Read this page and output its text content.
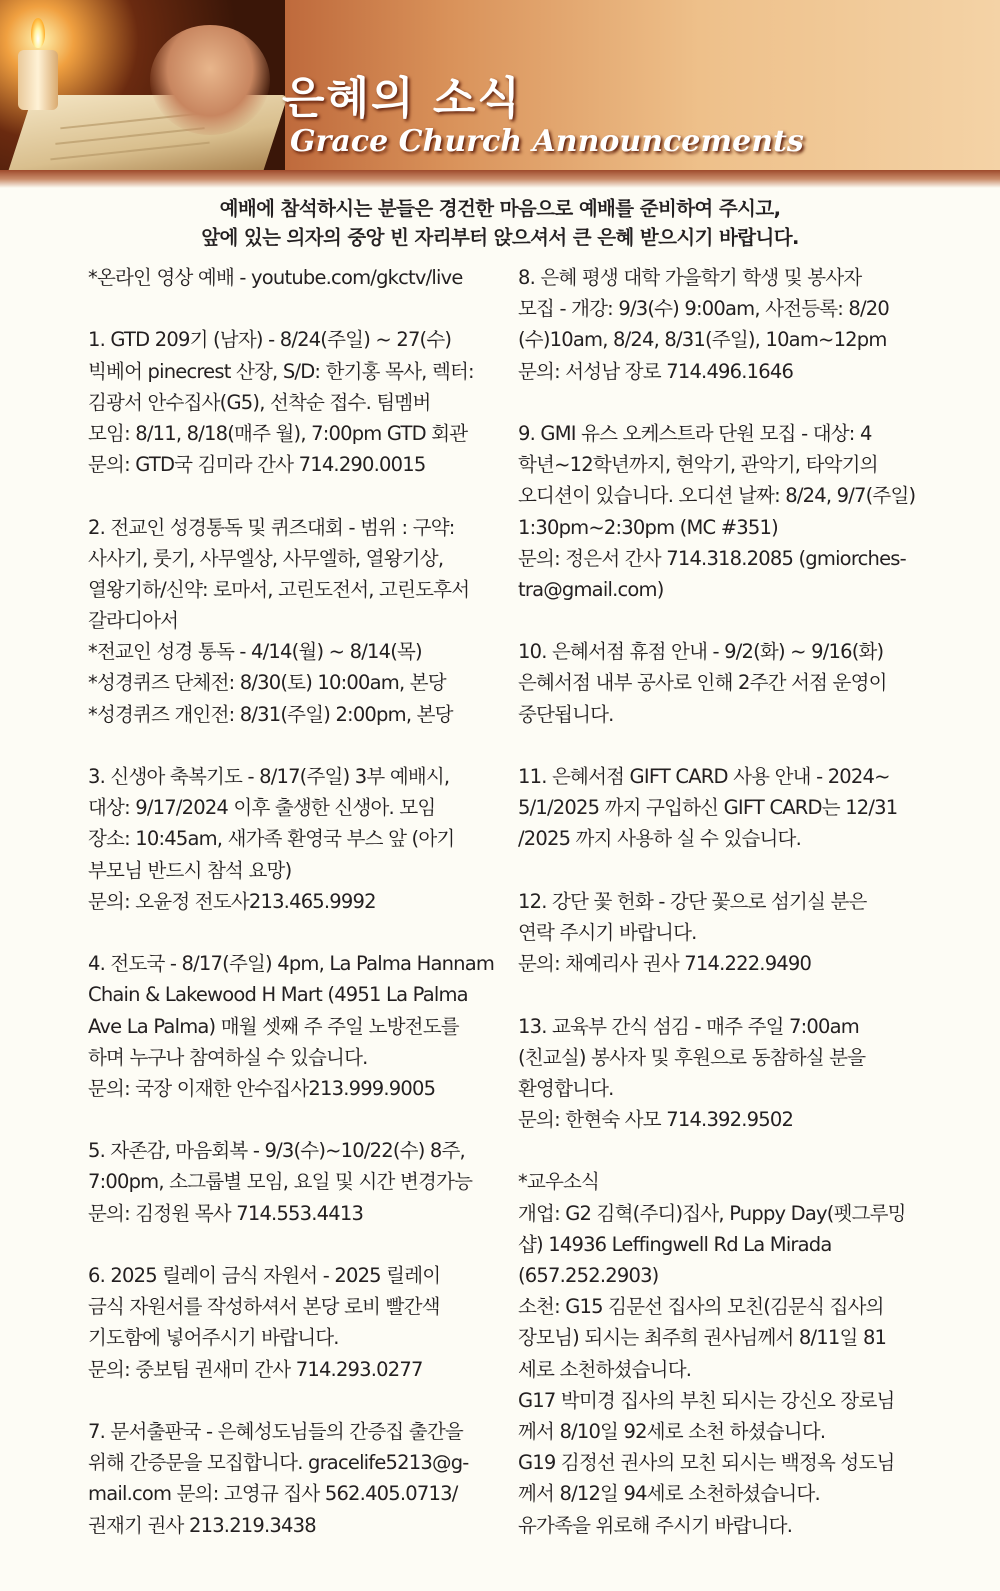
은혜의 소식
Grace Church Announcements
예배에 참석하시는 분들은 경건한 마음으로 예배를 준비하여 주시고,
앞에 있는 의자의 중앙 빈 자리부터 앉으셔서 큰 은혜 받으시기 바랍니다.
*온라인 영상 예배 - youtube.com/gkctv/live
1. GTD 209기 (남자) - 8/24(주일) ~ 27(수)
빅베어 pinecrest 산장, S/D: 한기홍 목사, 렉터:
김광서 안수집사(G5), 선착순 접수. 팀멤버
모임: 8/11, 8/18(매주 월), 7:00pm GTD 회관
문의: GTD국 김미라 간사 714.290.0015
2. 전교인 성경통독 및 퀴즈대회 - 범위 : 구약:
사사기, 룻기, 사무엘상, 사무엘하, 열왕기상,
열왕기하/신약: 로마서, 고린도전서, 고린도후서
갈라디아서
*전교인 성경 통독 - 4/14(월) ~ 8/14(목)
*성경퀴즈 단체전: 8/30(토) 10:00am, 본당
*성경퀴즈 개인전: 8/31(주일) 2:00pm, 본당
3. 신생아 축복기도 - 8/17(주일) 3부 예배시,
대상: 9/17/2024 이후 출생한 신생아. 모임
장소: 10:45am, 새가족 환영국 부스 앞 (아기
부모님 반드시 참석 요망)
문의: 오윤정 전도사213.465.9992
4. 전도국 - 8/17(주일) 4pm, La Palma Hannam
Chain & Lakewood H Mart (4951 La Palma
Ave La Palma) 매월 셋째 주 주일 노방전도를
하며 누구나 참여하실 수 있습니다.
문의: 국장 이재한 안수집사213.999.9005
5. 자존감, 마음회복 - 9/3(수)~10/22(수) 8주,
7:00pm, 소그룹별 모임, 요일 및 시간 변경가능
문의: 김정원 목사 714.553.4413
6. 2025 릴레이 금식 자원서 - 2025 릴레이
금식 자원서를 작성하셔서 본당 로비 빨간색
기도함에 넣어주시기 바랍니다.
문의: 중보팀 권새미 간사 714.293.0277
7. 문서출판국 - 은혜성도님들의 간증집 출간을
위해 간증문을 모집합니다. gracelife5213@g-
mail.com 문의: 고영규 집사 562.405.0713/
권재기 권사 213.219.3438
8. 은혜 평생 대학 가을학기 학생 및 봉사자
모집 - 개강: 9/3(수) 9:00am, 사전등록: 8/20
(수)10am, 8/24, 8/31(주일), 10am~12pm
문의: 서성남 장로 714.496.1646
9. GMI 유스 오케스트라 단원 모집 - 대상: 4
학년~12학년까지, 현악기, 관악기, 타악기의
오디션이 있습니다. 오디션 날짜: 8/24, 9/7(주일)
1:30pm~2:30pm (MC #351)
문의: 정은서 간사 714.318.2085 (gmiorches-
tra@gmail.com)
10. 은혜서점 휴점 안내 - 9/2(화) ~ 9/16(화)
은혜서점 내부 공사로 인해 2주간 서점 운영이
중단됩니다.
11. 은혜서점 GIFT CARD 사용 안내 - 2024~
5/1/2025 까지 구입하신 GIFT CARD는 12/31
/2025 까지 사용하 실 수 있습니다.
12. 강단 꽃 헌화 - 강단 꽃으로 섬기실 분은
연락 주시기 바랍니다.
문의: 채예리사 권사 714.222.9490
13. 교육부 간식 섬김 - 매주 주일 7:00am
(친교실) 봉사자 및 후원으로 동참하실 분을
환영합니다.
문의: 한현숙 사모 714.392.9502
*교우소식
개업: G2 김혁(주디)집사, Puppy Day(펫그루밍
샵) 14936 Leffingwell Rd La Mirada
(657.252.2903)
소천: G15 김문선 집사의 모친(김문식 집사의
장모님) 되시는 최주희 권사님께서 8/11일 81
세로 소천하셨습니다.
G17 박미경 집사의 부친 되시는 강신오 장로님
께서 8/10일 92세로 소천 하셨습니다.
G19 김정선 권사의 모친 되시는 백정옥 성도님
께서 8/12일 94세로 소천하셨습니다.
유가족을 위로해 주시기 바랍니다.
